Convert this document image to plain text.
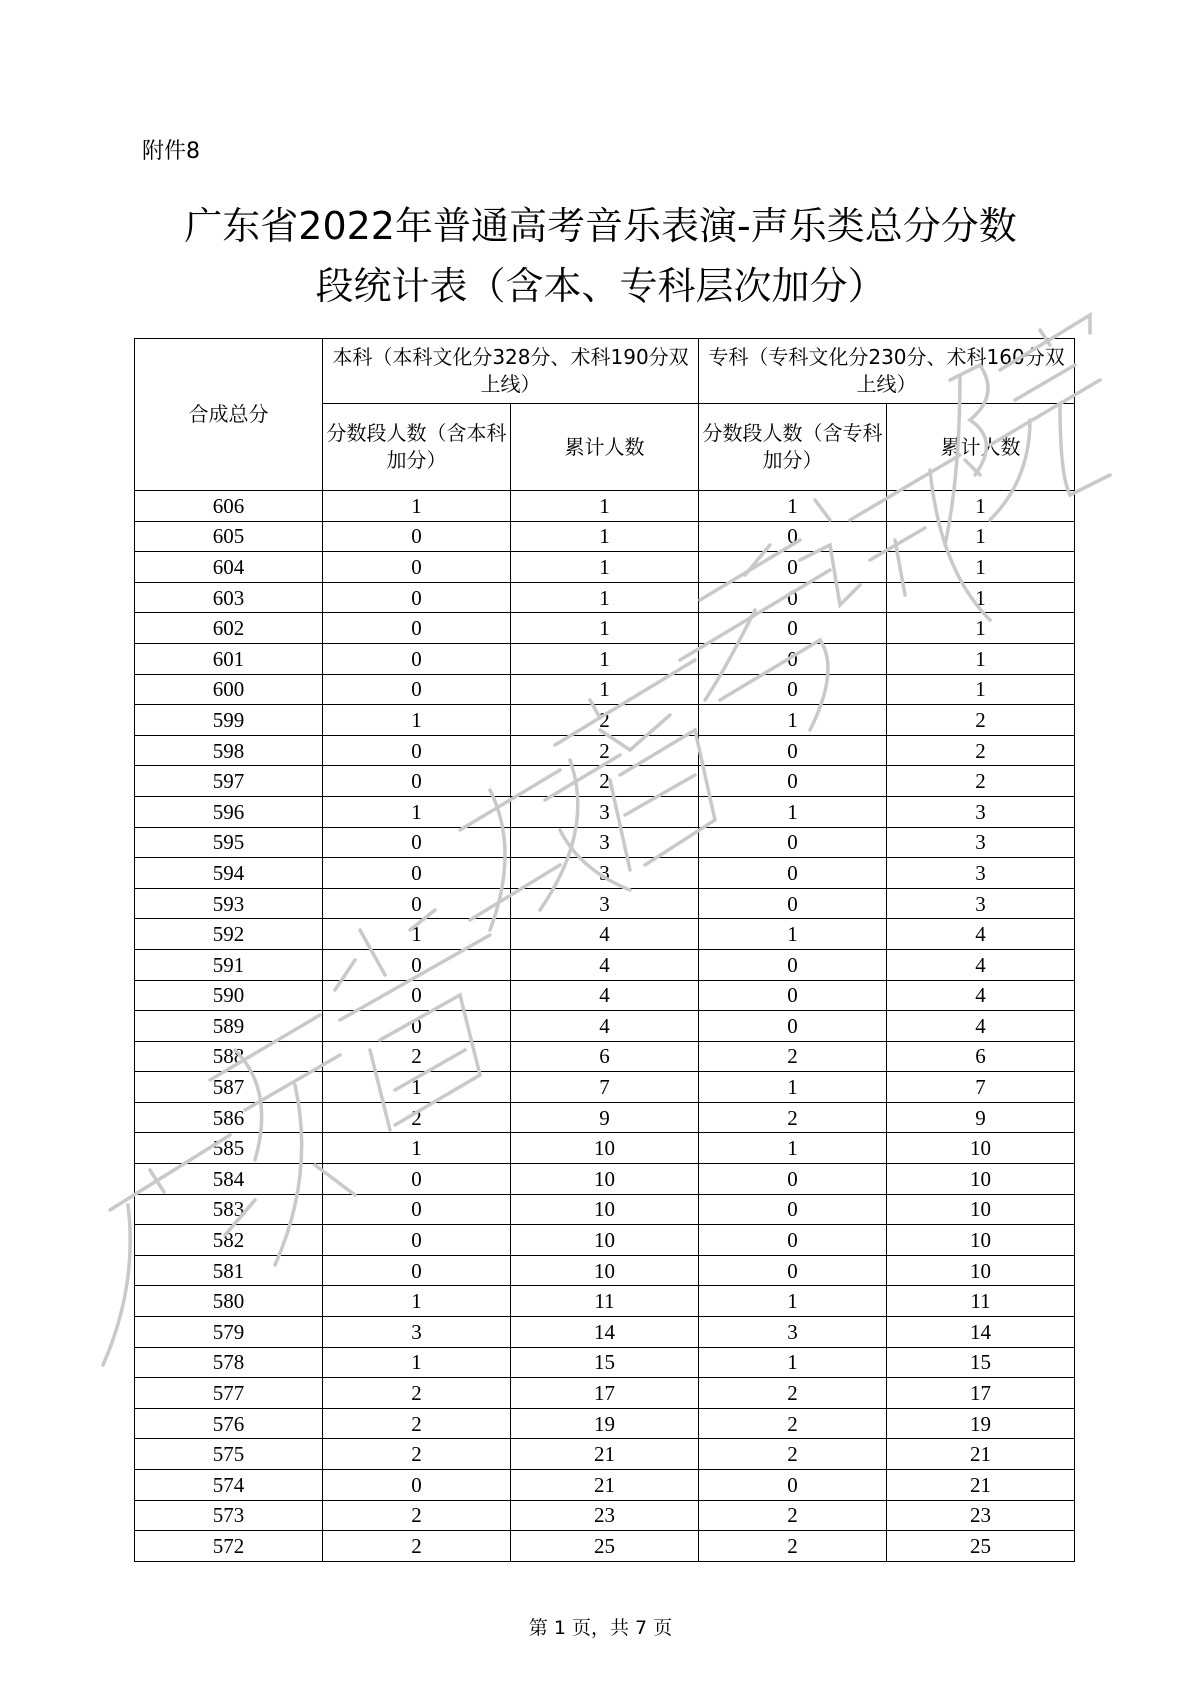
附件8
广东省2022年普通高考音乐表演-声乐类总分分数
段统计表（含本、专科层次加分）
合成总分	本科（本科文化分328分、术科190分双上线）		专科（专科文化分230分、术科160分双上线）	
	分数段人数（含本科加分）	累计人数	分数段人数（含专科加分）	累计人数
606	1	1	1	1
605	0	1	0	1
604	0	1	0	1
603	0	1	0	1
602	0	1	0	1
601	0	1	0	1
600	0	1	0	1
599	1	2	1	2
598	0	2	0	2
597	0	2	0	2
596	1	3	1	3
595	0	3	0	3
594	0	3	0	3
593	0	3	0	3
592	1	4	1	4
591	0	4	0	4
590	0	4	0	4
589	0	4	0	4
588	2	6	2	6
587	1	7	1	7
586	2	9	2	9
585	1	10	1	10
584	0	10	0	10
583	0	10	0	10
582	0	10	0	10
581	0	10	0	10
580	1	11	1	11
579	3	14	3	14
578	1	15	1	15
577	2	17	2	17
576	2	19	2	19
575	2	21	2	21
574	0	21	0	21
573	2	23	2	23
572	2	25	2	25
第 1 页，共 7 页
